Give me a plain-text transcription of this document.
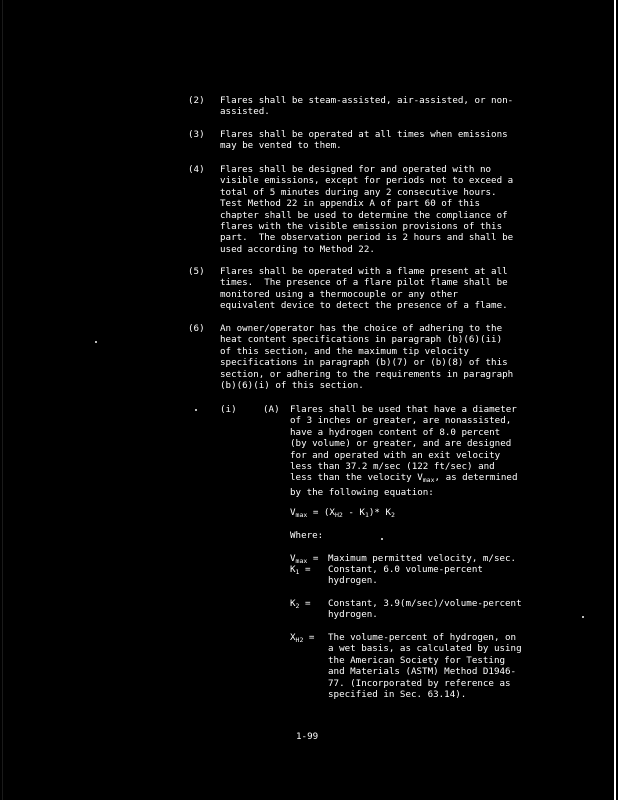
(2)

Flares shall be steam-assisted, air-assisted, or non-
assisted.

(3)

Flares shall be operated at all times when emissions
may be vented to them.

(4)

Flares shall be designed for and operated with no
visible emissions, except for periods not to exceed a
total of 5 minutes during any 2 consecutive hours.
Test Method 22 in appendix A of part 60 of this
chapter shall be used to determine the compliance of
flares with the visible emission provisions of this
part.  The observation period is 2 hours and shall be
used according to Method 22.

(5)

Flares shall be operated with a flame present at all
times.  The presence of a flare pilot flame shall be
monitored using a thermocouple or any other
equivalent device to detect the presence of a flame.

(6)

An owner/operator has the choice of adhering to the
heat content specifications in paragraph (b)(6)(ii)
of this section, and the maximum tip velocity
specifications in paragraph (b)(7) or (b)(8) of this
section, or adhering to the requirements in paragraph
(b)(6)(i) of this section.

(i)	(A) Flares shall be used that have a diameter
of 3 inches or greater, are nonassisted,
have a hydrogen content of 8.0 percent
(by volume) or greater, and are designed
for and operated with an exit velocity
less than 37.2 m/sec (122 ft/sec) and
less than the velocity $V_{max}$, as determined
by the following equation:
$V_{max} = (X_{H2} - K_1)*$ $K_2$
Where:
$V_{max}$ = Maximum permitted velocity, m/sec.
$K_1$ = Constant, 6.0 volume-percent
hydrogen.
$K_2$ = Constant, 3.9(m/sec)/volume-percent
hydrogen.
$X_{H2}$ = The volume-percent of hydrogen, on
a wet basis, as calculated by using
the American Society for Testing
and Materials (ASTM) Method D1946-
77. (Incorporated by reference as
specified in Sec. 63.14).
1-99
